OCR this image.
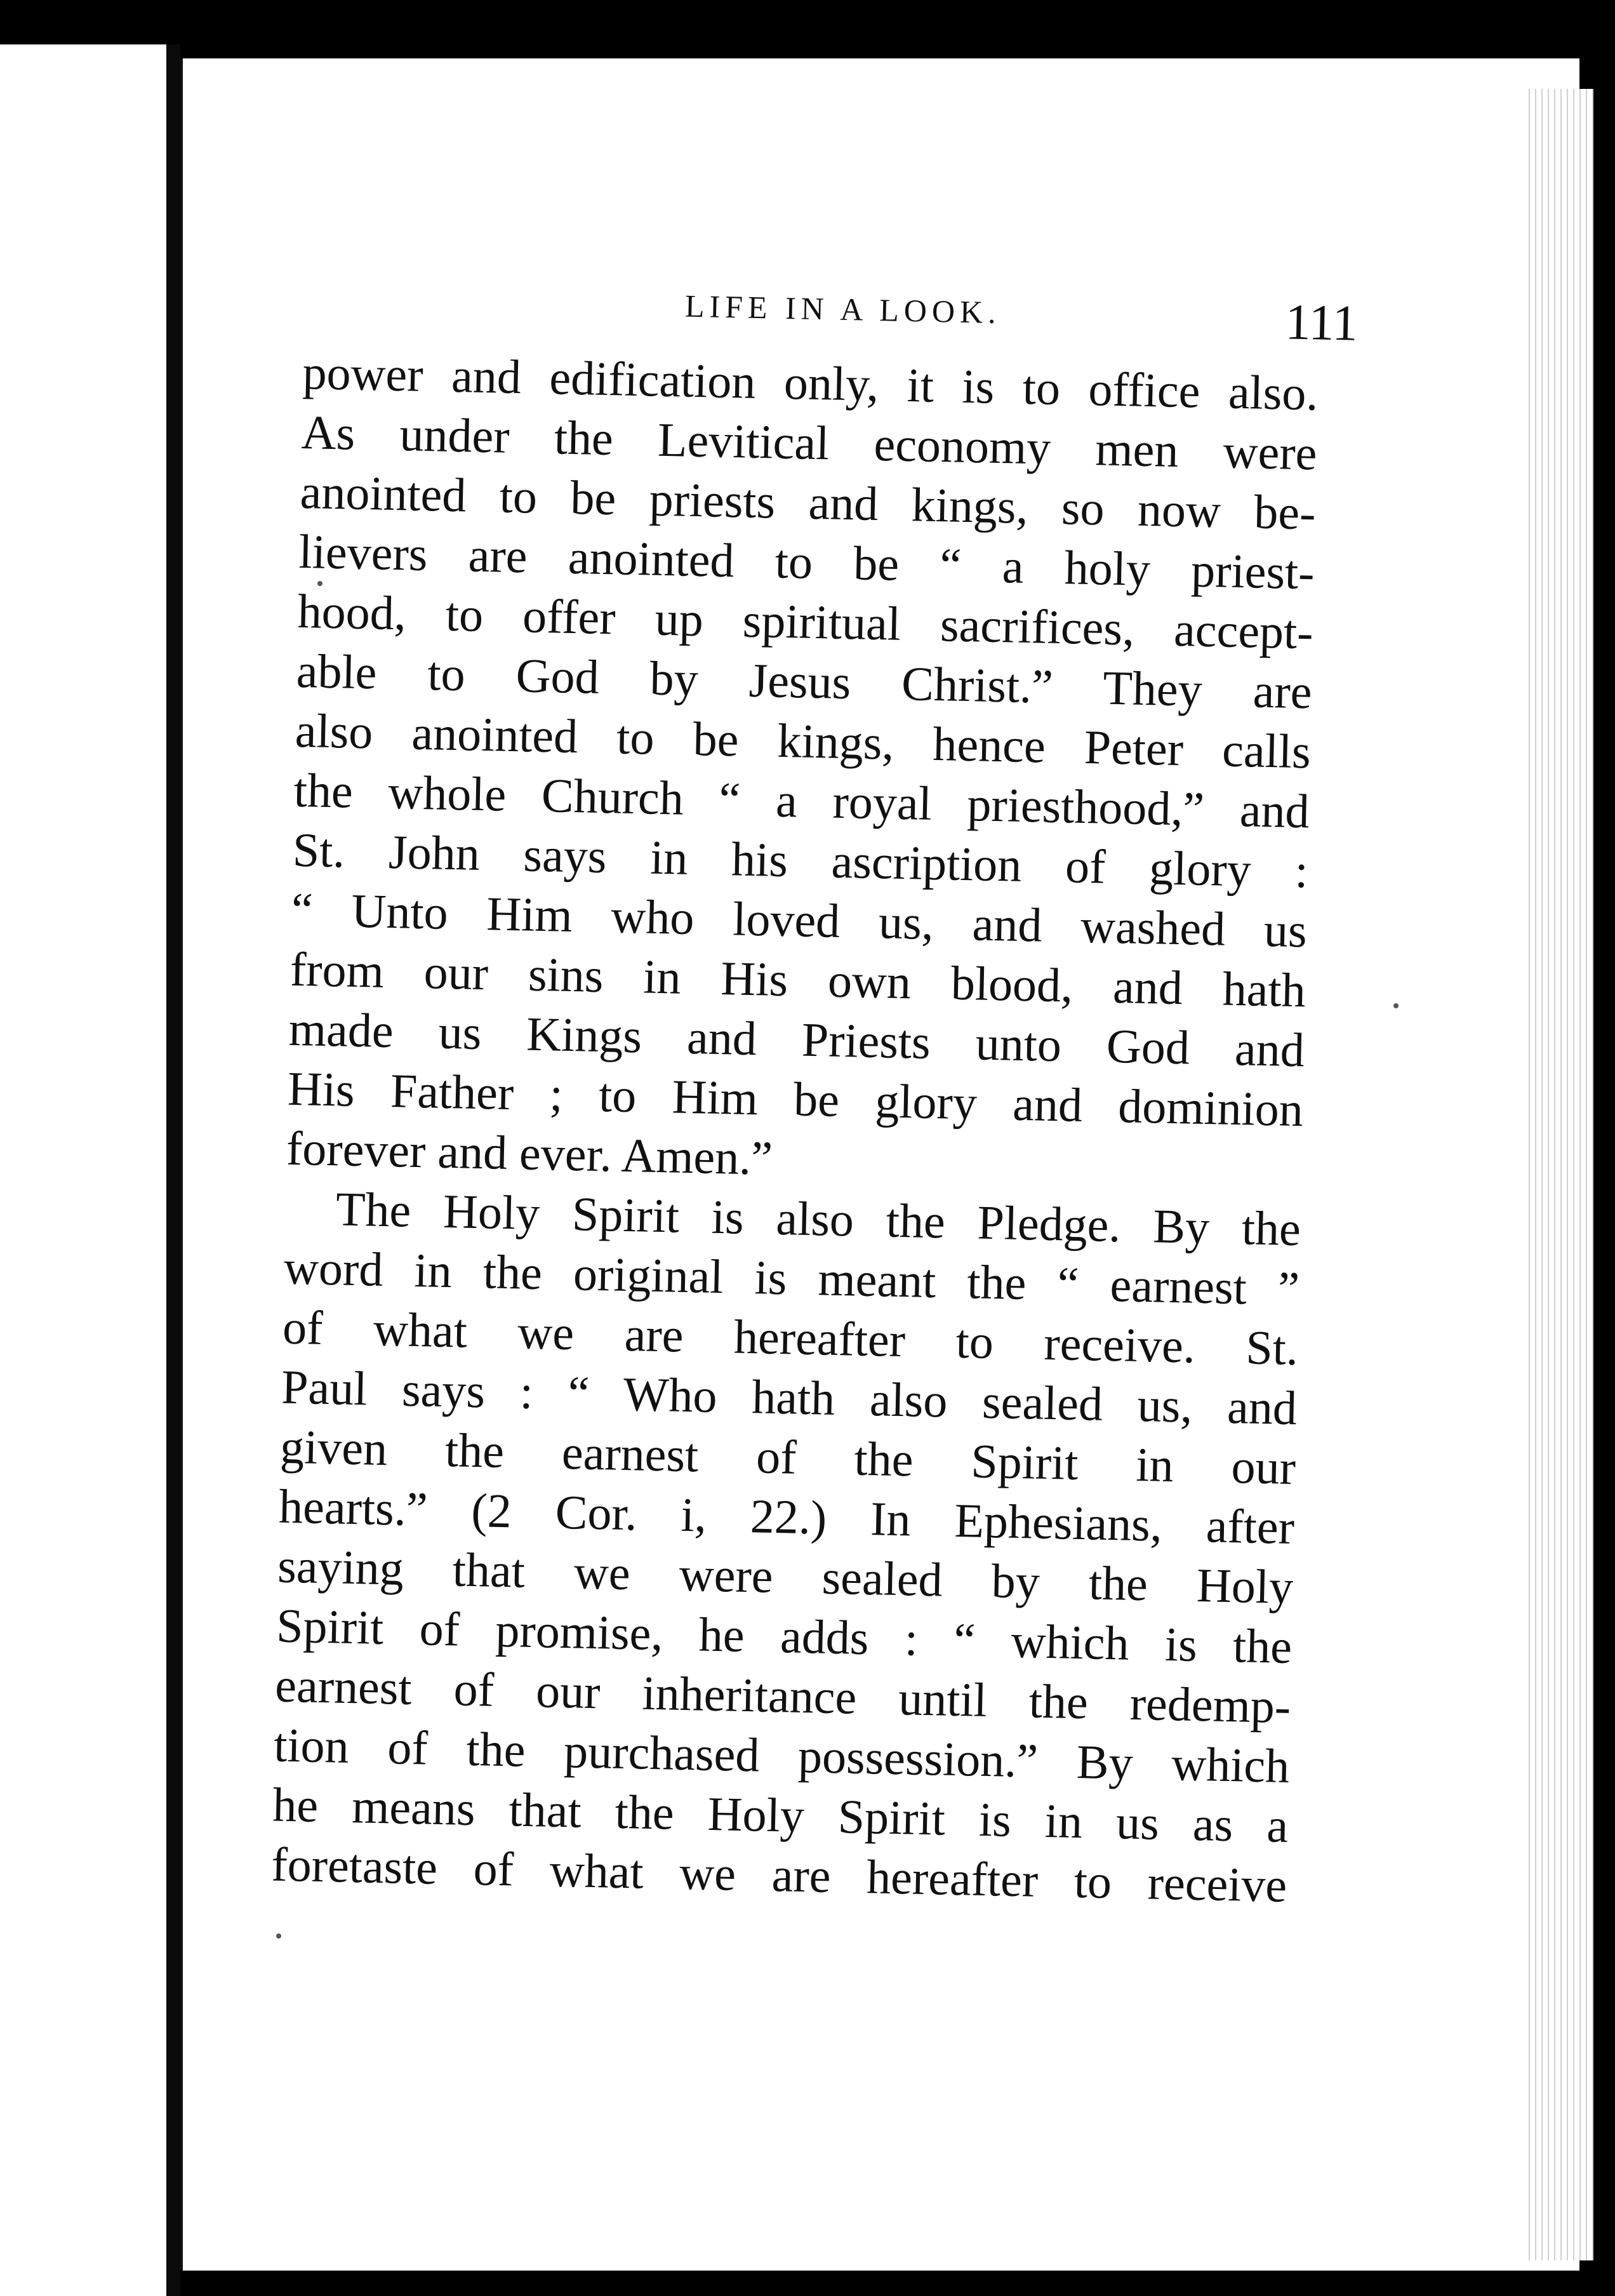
LIFE IN A LOOK.	111
power and edification only, it is to office also.
As under the Levitical economy men were
anointed to be priests and kings, so now be-
lievers are anointed to be “ a holy priest-
hood, to offer up spiritual sacrifices, accept-
able to God by Jesus Christ.” They are
also anointed to be kings, hence Peter calls
the whole Church “ a royal priesthood,” and
St. John says in his ascription of glory :
“ Unto Him who loved us, and washed us
from our sins in His own blood, and hath
made us Kings and Priests unto God and
His Father ; to Him be glory and dominion
forever and ever. Amen.”
The Holy Spirit is also the Pledge. By the
word in the original is meant the “ earnest ”
of what we are hereafter to receive. St.
Paul says : “ Who hath also sealed us, and
given the earnest of the Spirit in our
hearts.” (2 Cor. i, 22.) In Ephesians, after
saying that we were sealed by the Holy
Spirit of promise, he adds : “ which is the
earnest of our inheritance until the redemp-
tion of the purchased possession.” By which
he means that the Holy Spirit is in us as a
foretaste of what we are hereafter to receive
